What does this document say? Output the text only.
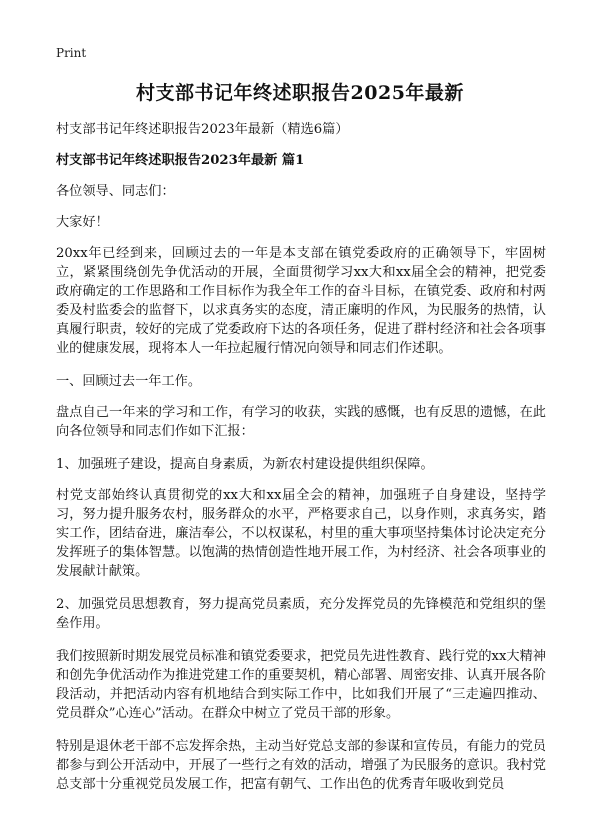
Print
村支部书记年终述职报告2025年最新

村支部书记年终述职报告2023年最新（精选6篇）

村支部书记年终述职报告2023年最新 篇1

各位领导、同志们：

大家好！

20xx年已经到来，回顾过去的一年是本支部在镇党委政府的正确领导下，牢固树立，紧紧围绕创先争优活动的开展，全面贯彻学习xx大和xx届全会的精神，把党委政府确定的工作思路和工作目标作为我全年工作的奋斗目标，在镇党委、政府和村两委及村监委会的监督下，以求真务实的态度，清正廉明的作风，为民服务的热情，认真履行职责，较好的完成了党委政府下达的各项任务，促进了群村经济和社会各项事业的健康发展，现将本人一年拉起履行情况向领导和同志们作述职。

一、回顾过去一年工作。

盘点自己一年来的学习和工作，有学习的收获，实践的感慨，也有反思的遗憾，在此向各位领导和同志们作如下汇报：

1、加强班子建设，提高自身素质，为新农村建设提供组织保障。

村党支部始终认真贯彻党的xx大和xx届全会的精神，加强班子自身建设，坚持学习，努力提升服务农村，服务群众的水平，严格要求自己，以身作则，求真务实，踏实工作，团结奋进，廉洁奉公，不以权谋私，村里的重大事项坚持集体讨论决定充分发挥班子的集体智慧。以饱满的热情创造性地开展工作，为村经济、社会各项事业的发展献计献策。

2、加强党员思想教育，努力提高党员素质，充分发挥党员的先锋模范和党组织的堡垒作用。

我们按照新时期发展党员标准和镇党委要求，把党员先进性教育、践行党的xx大精神和创先争优活动作为推进党建工作的重要契机，精心部署、周密安排、认真开展各阶段活动，并把活动内容有机地结合到实际工作中，比如我们开展了“三走遍四推动、党员群众”心连心”活动。在群众中树立了党员干部的形象。

特别是退休老干部不忘发挥余热，主动当好党总支部的参谋和宣传员，有能力的党员都参与到公开活动中，开展了一些行之有效的活动，增强了为民服务的意识。我村党总支部十分重视党员发展工作，把富有朝气、工作出色的优秀青年吸收到党员
